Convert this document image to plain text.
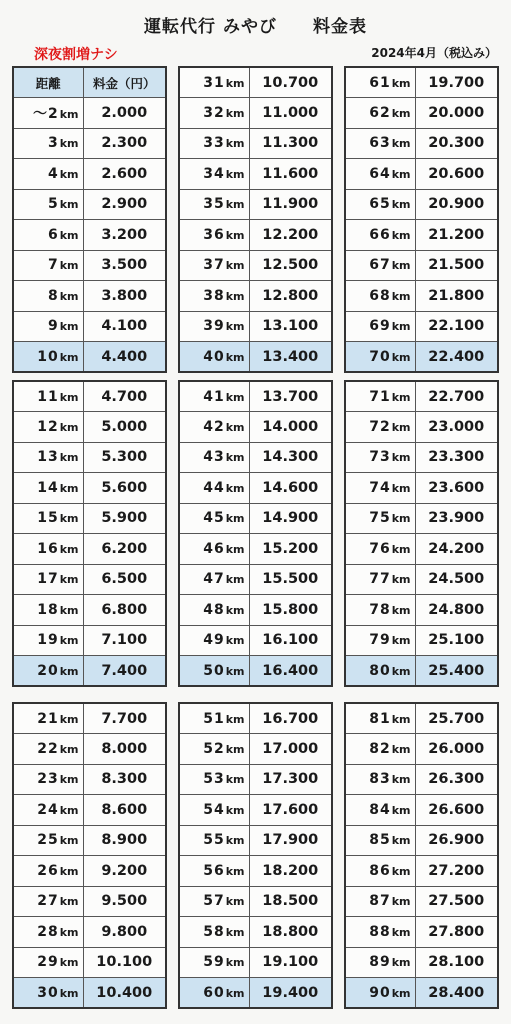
運転代行 みやび　　料金表
深夜割増ナシ	2024年4月（税込み）
距離	料金（円）
〜2km	2.000
3km	2.300
4km	2.600
5km	2.900
6km	3.200
7km	3.500
8km	3.800
9km	4.100
10km	4.400
31km	10.700
32km	11.000
33km	11.300
34km	11.600
35km	11.900
36km	12.200
37km	12.500
38km	12.800
39km	13.100
40km	13.400
61km	19.700
62km	20.000
63km	20.300
64km	20.600
65km	20.900
66km	21.200
67km	21.500
68km	21.800
69km	22.100
70km	22.400
11km	4.700
12km	5.000
13km	5.300
14km	5.600
15km	5.900
16km	6.200
17km	6.500
18km	6.800
19km	7.100
20km	7.400
41km	13.700
42km	14.000
43km	14.300
44km	14.600
45km	14.900
46km	15.200
47km	15.500
48km	15.800
49km	16.100
50km	16.400
71km	22.700
72km	23.000
73km	23.300
74km	23.600
75km	23.900
76km	24.200
77km	24.500
78km	24.800
79km	25.100
80km	25.400
21km	7.700
22km	8.000
23km	8.300
24km	8.600
25km	8.900
26km	9.200
27km	9.500
28km	9.800
29km	10.100
30km	10.400
51km	16.700
52km	17.000
53km	17.300
54km	17.600
55km	17.900
56km	18.200
57km	18.500
58km	18.800
59km	19.100
60km	19.400
81km	25.700
82km	26.000
83km	26.300
84km	26.600
85km	26.900
86km	27.200
87km	27.500
88km	27.800
89km	28.100
90km	28.400
